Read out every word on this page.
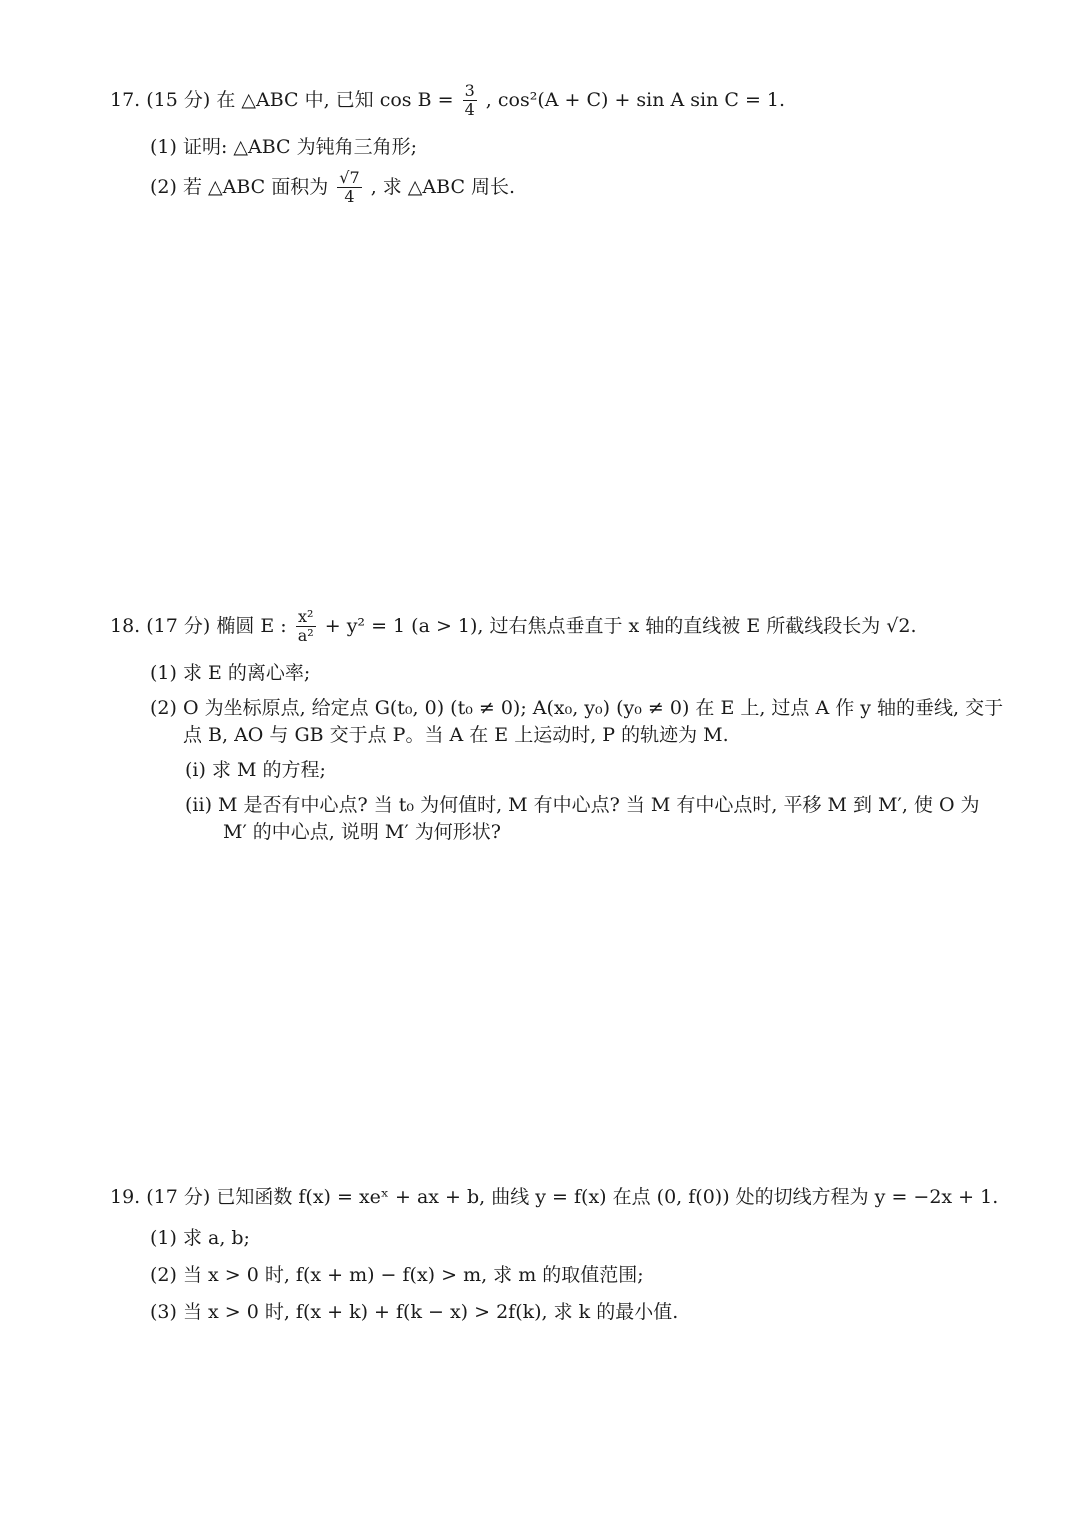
17. (15 分) 在 △ABC 中, 已知 $\cos B = \frac{3}{4}$ , cos²(A + C) + sin A sin C = 1.
(1) 证明: △ABC 为钝角三角形;
(2) 若 △ABC 面积为 $\frac{√7}{4}$ , 求 △ABC 周长.
18. (17 分) 椭圆 E : $\frac{\text{x²}}{\text{a²}} + y^2 = 1$ (a > 1), 过右焦点垂直于 x 轴的直线被 E 所截线段长为 √2.
(1) 求 E 的离心率;
(2) O 为坐标原点, 给定点 G(t₀, 0) (t₀ ≠ 0); A(x₀, y₀) (y₀ ≠ 0) 在 E 上, 过点 A 作 y 轴的垂线, 交于
点 B, AO 与 GB 交于点 P。当 A 在 E 上运动时, P 的轨迹为 M.
(i) 求 M 的方程;
(ii) M 是否有中心点? 当 t₀ 为何值时, M 有中心点? 当 M 有中心点时, 平移 M 到 M′, 使 O 为
M′ 的中心点, 说明 M′ 为何形状?
19. (17 分) 已知函数 f(x) = xeˣ + ax + b, 曲线 y = f(x) 在点 (0, f(0)) 处的切线方程为 y = −2x + 1.
(1) 求 a, b;
(2) 当 x > 0 时, f(x + m) − f(x) > m, 求 m 的取值范围;
(3) 当 x > 0 时, f(x + k) + f(k − x) > 2f(k), 求 k 的最小值.
